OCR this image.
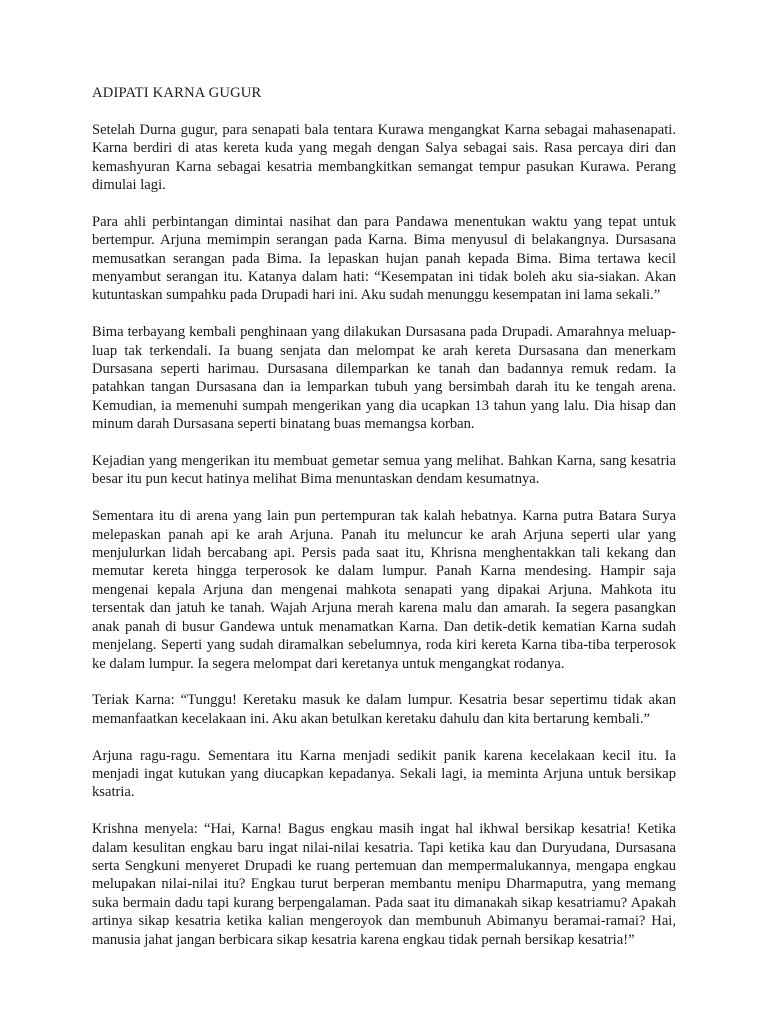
ADIPATI KARNA GUGUR

Setelah Durna gugur, para senapati bala tentara Kurawa mengangkat Karna sebagai mahasenapati. Karna berdiri di atas kereta kuda yang megah dengan Salya sebagai sais. Rasa percaya diri dan kemashyuran Karna sebagai kesatria membangkitkan semangat tempur pasukan Kurawa. Perang dimulai lagi.

Para ahli perbintangan dimintai nasihat dan para Pandawa menentukan waktu yang tepat untuk bertempur. Arjuna memimpin serangan pada Karna. Bima menyusul di belakangnya. Dursasana memusatkan serangan pada Bima. Ia lepaskan hujan panah kepada Bima. Bima tertawa kecil menyambut serangan itu. Katanya dalam hati: “Kesempatan ini tidak boleh aku sia-siakan. Akan kutuntaskan sumpahku pada Drupadi hari ini. Aku sudah menunggu kesempatan ini lama sekali.”

Bima terbayang kembali penghinaan yang dilakukan Dursasana pada Drupadi. Amarahnya meluap-luap tak terkendali. Ia buang senjata dan melompat ke arah kereta Dursasana dan menerkam Dursasana seperti harimau. Dursasana dilemparkan ke tanah dan badannya remuk redam. Ia patahkan tangan Dursasana dan ia lemparkan tubuh yang bersimbah darah itu ke tengah arena. Kemudian, ia memenuhi sumpah mengerikan yang dia ucapkan 13 tahun yang lalu. Dia hisap dan minum darah Dursasana seperti binatang buas memangsa korban.

Kejadian yang mengerikan itu membuat gemetar semua yang melihat. Bahkan Karna, sang kesatria besar itu pun kecut hatinya melihat Bima menuntaskan dendam kesumatnya.

Sementara itu di arena yang lain pun pertempuran tak kalah hebatnya. Karna putra Batara Surya melepaskan panah api ke arah Arjuna. Panah itu meluncur ke arah Arjuna seperti ular yang menjulurkan lidah bercabang api. Persis pada saat itu, Khrisna menghentakkan tali kekang dan memutar kereta hingga terperosok ke dalam lumpur. Panah Karna mendesing. Hampir saja mengenai kepala Arjuna dan mengenai mahkota senapati yang dipakai Arjuna. Mahkota itu tersentak dan jatuh ke tanah. Wajah Arjuna merah karena malu dan amarah. Ia segera pasangkan anak panah di busur Gandewa untuk menamatkan Karna. Dan detik-detik kematian Karna sudah menjelang. Seperti yang sudah diramalkan sebelumnya, roda kiri kereta Karna tiba-tiba terperosok ke dalam lumpur. Ia segera melompat dari keretanya untuk mengangkat rodanya.

Teriak Karna: “Tunggu! Keretaku masuk ke dalam lumpur. Kesatria besar sepertimu tidak akan memanfaatkan kecelakaan ini. Aku akan betulkan keretaku dahulu dan kita bertarung kembali.”

Arjuna ragu-ragu. Sementara itu Karna menjadi sedikit panik karena kecelakaan kecil itu. Ia menjadi ingat kutukan yang diucapkan kepadanya. Sekali lagi, ia meminta Arjuna untuk bersikap ksatria.

Krishna menyela: “Hai, Karna! Bagus engkau masih ingat hal ikhwal bersikap kesatria! Ketika dalam kesulitan engkau baru ingat nilai-nilai kesatria. Tapi ketika kau dan Duryudana, Dursasana serta Sengkuni menyeret Drupadi ke ruang pertemuan dan mempermalukannya, mengapa engkau melupakan nilai-nilai itu? Engkau turut berperan membantu menipu Dharmaputra, yang memang suka bermain dadu tapi kurang berpengalaman. Pada saat itu dimanakah sikap kesatriamu? Apakah artinya sikap kesatria ketika kalian mengeroyok dan membunuh Abimanyu beramai-ramai? Hai, manusia jahat jangan berbicara sikap kesatria karena engkau tidak pernah bersikap kesatria!”
